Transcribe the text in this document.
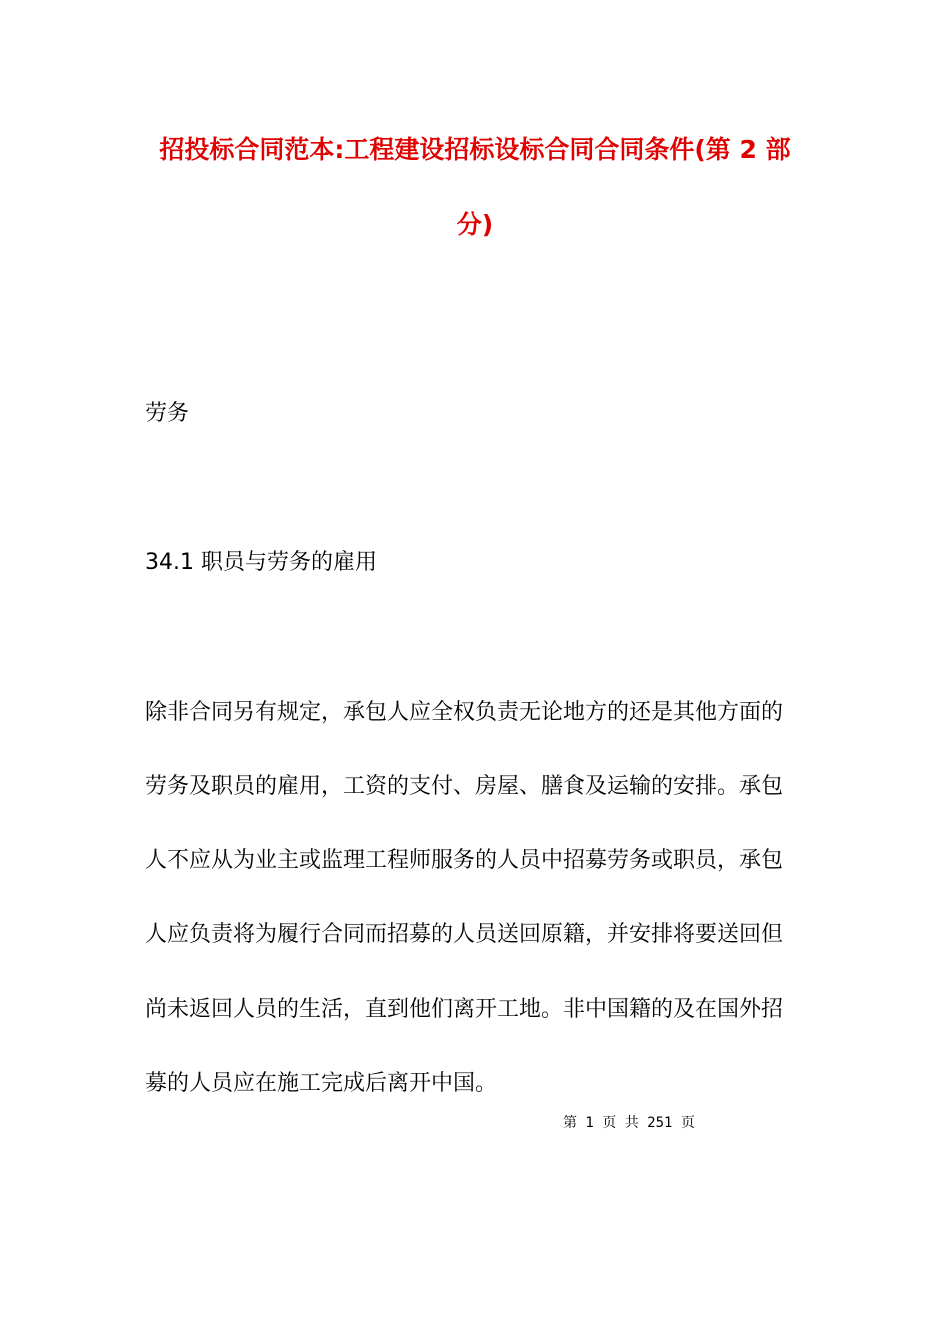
招投标合同范本:工程建设招标设标合同合同条件(第 2 部
分)
劳务
34.1 职员与劳务的雇用
除非合同另有规定，承包人应全权负责无论地方的还是其他方面的
劳务及职员的雇用，工资的支付、房屋、膳食及运输的安排。承包
人不应从为业主或监理工程师服务的人员中招募劳务或职员，承包
人应负责将为履行合同而招募的人员送回原籍，并安排将要送回但
尚未返回人员的生活，直到他们离开工地。非中国籍的及在国外招
募的人员应在施工完成后离开中国。
第 1 页 共 251 页
